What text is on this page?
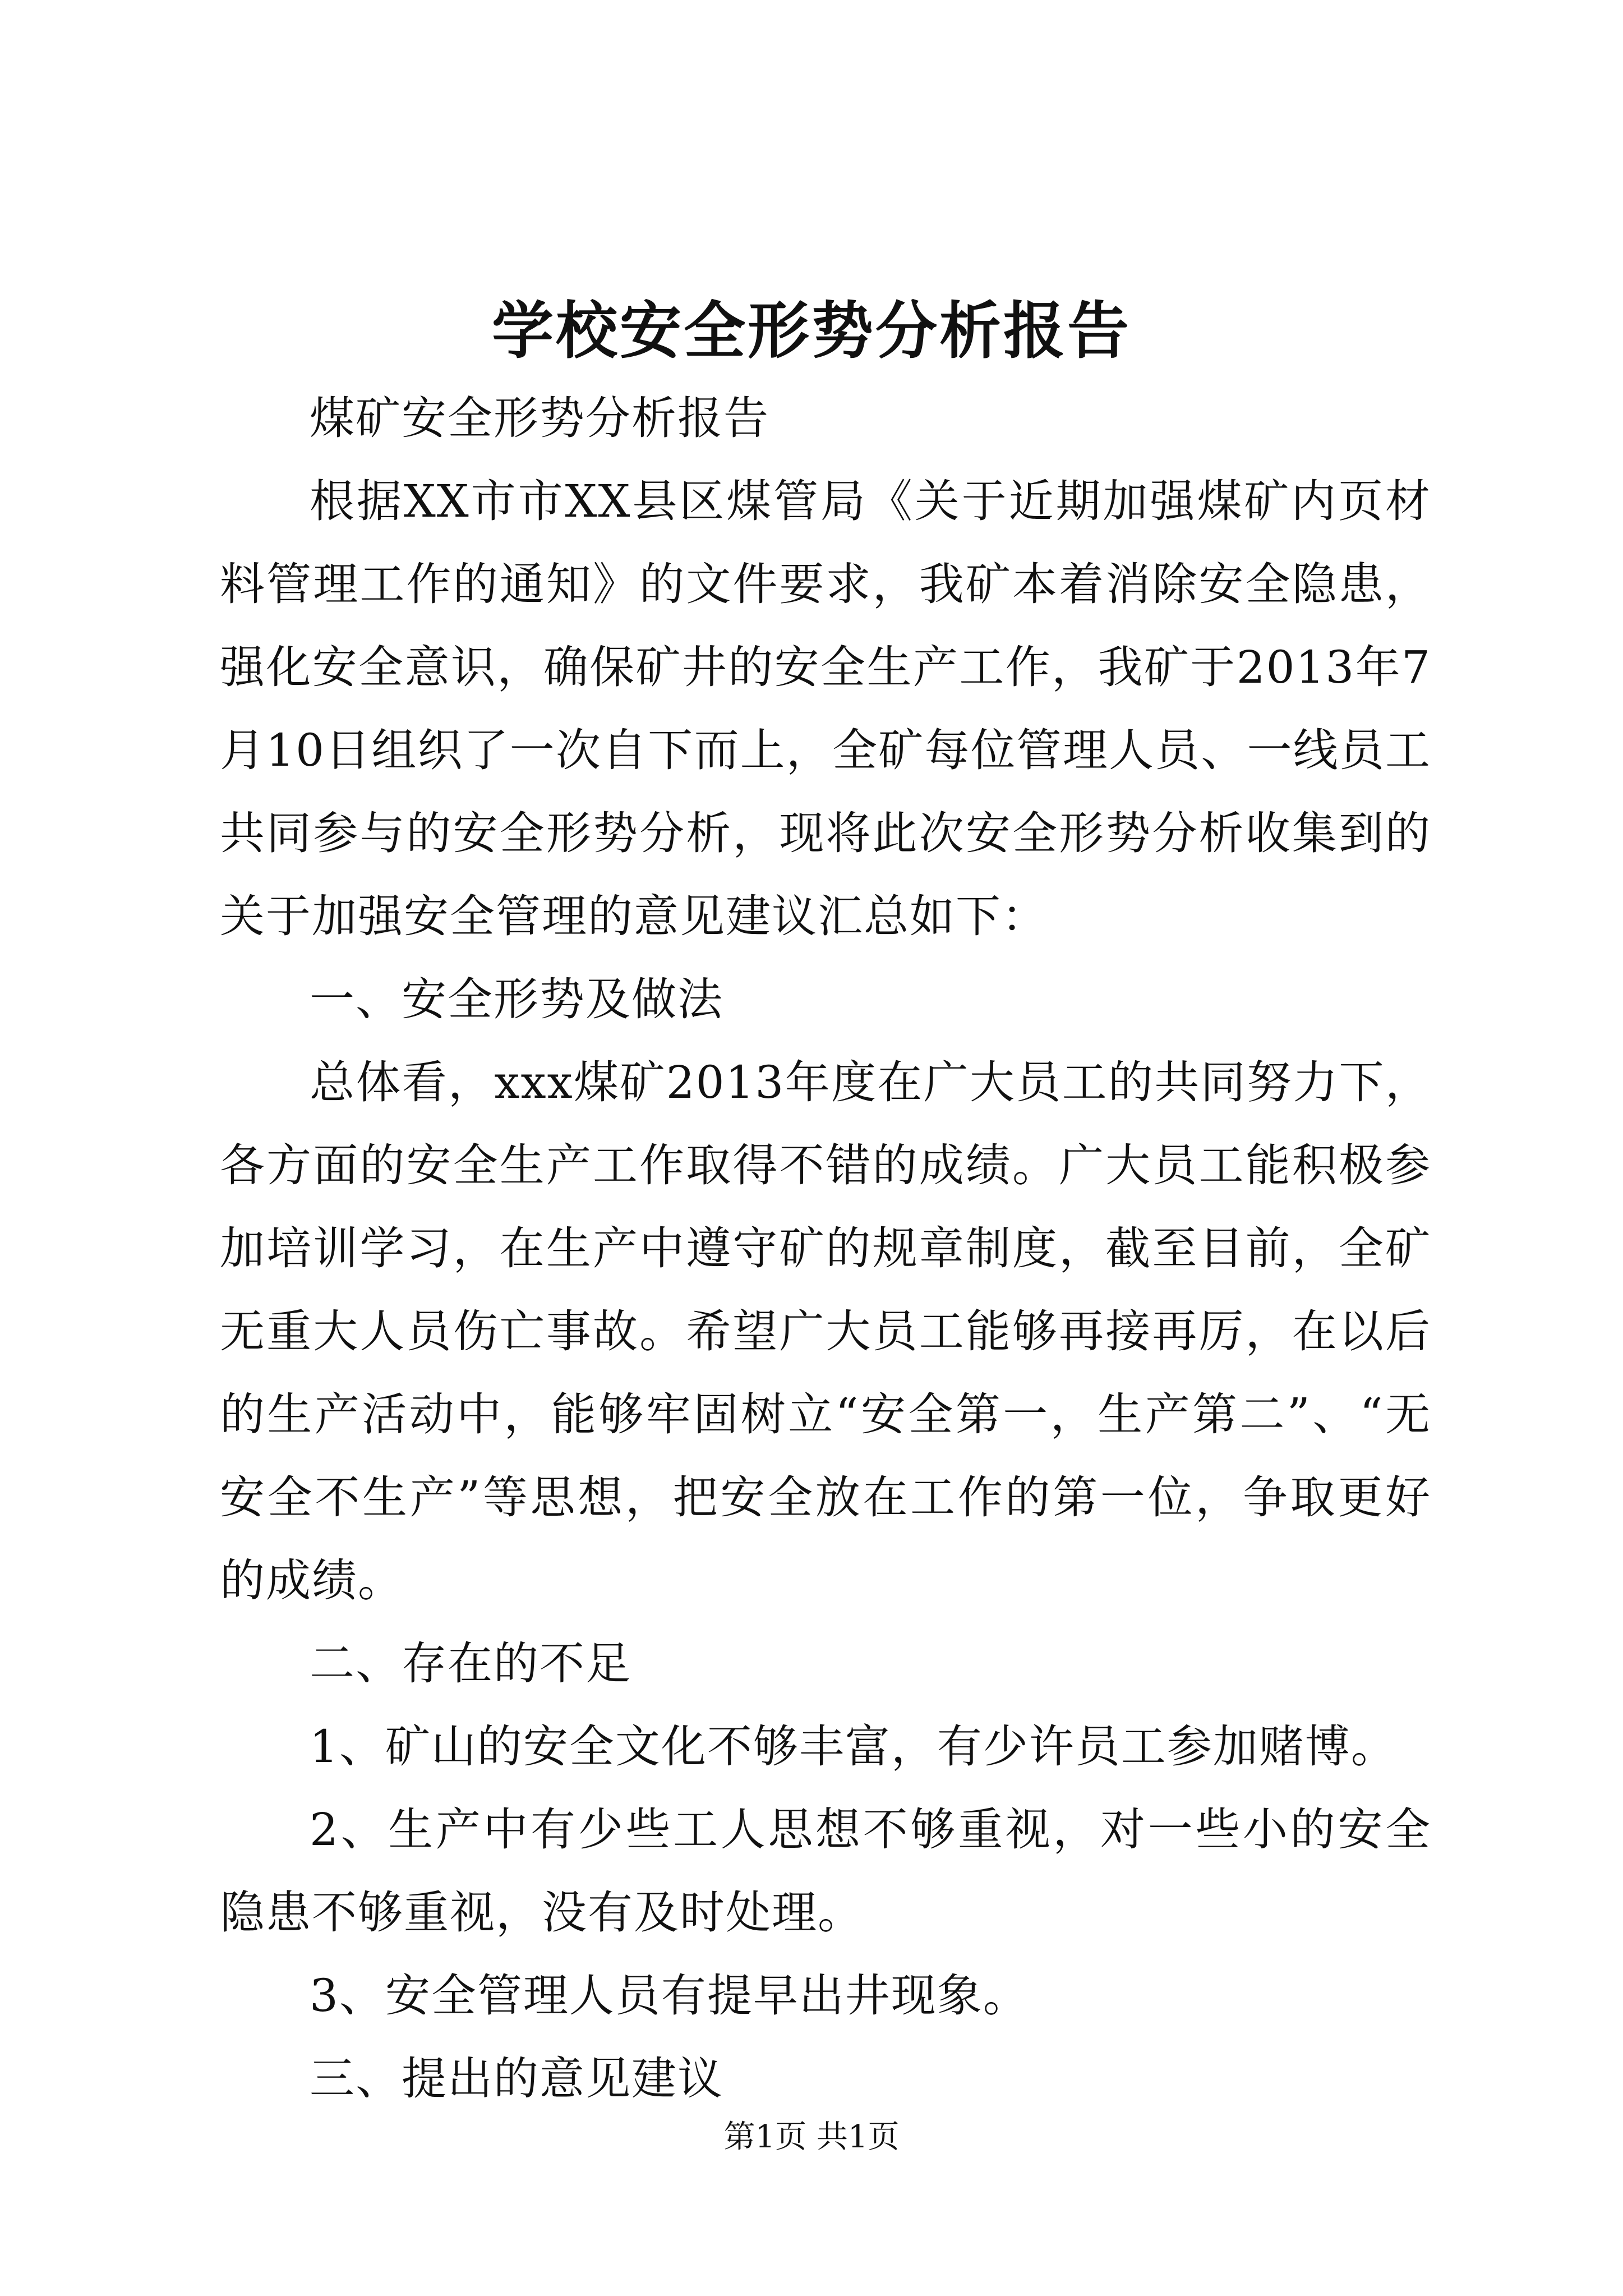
学校安全形势分析报告

煤矿安全形势分析报告

根据XX市市XX县区煤管局《关于近期加强煤矿内页材料管理工作的通知》的文件要求，我矿本着消除安全隐患，强化安全意识，确保矿井的安全生产工作，我矿于2013年7月10日组织了一次自下而上，全矿每位管理人员、一线员工共同参与的安全形势分析，现将此次安全形势分析收集到的关于加强安全管理的意见建议汇总如下：

一、安全形势及做法

总体看，xxx煤矿2013年度在广大员工的共同努力下，各方面的安全生产工作取得不错的成绩。广大员工能积极参加培训学习，在生产中遵守矿的规章制度，截至目前，全矿无重大人员伤亡事故。希望广大员工能够再接再厉，在以后的生产活动中，能够牢固树立“安全第一，生产第二”、“无安全不生产”等思想，把安全放在工作的第一位，争取更好的成绩。

二、存在的不足

1、矿山的安全文化不够丰富，有少许员工参加赌博。

2、生产中有少些工人思想不够重视，对一些小的安全隐患不够重视，没有及时处理。

3、安全管理人员有提早出井现象。

三、提出的意见建议

第1页 共1页
